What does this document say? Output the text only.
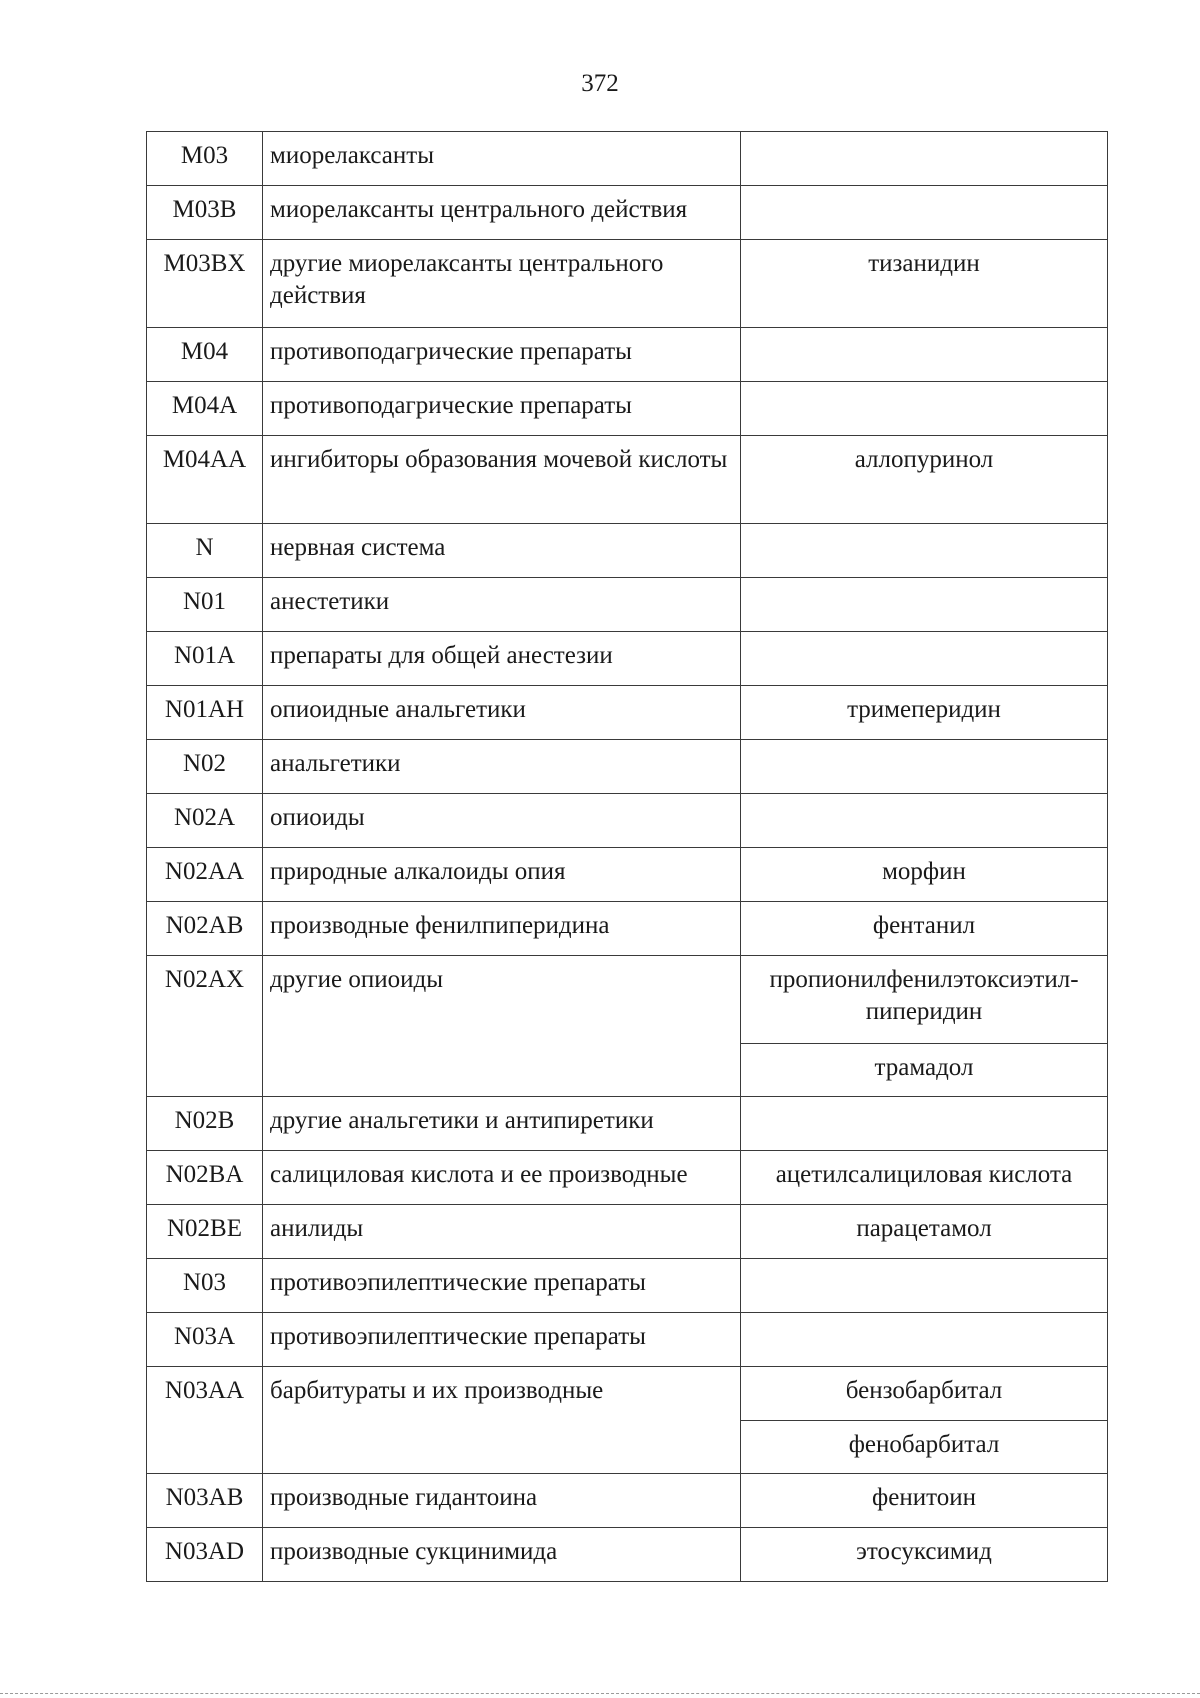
372
M03	миорелаксанты	
M03B	миорелаксанты центрального действия	
M03BX	другие миорелаксанты центрального действия	тизанидин
M04	противоподагрические препараты	
M04A	противоподагрические препараты	
M04AA	ингибиторы образования мочевой кислоты	аллопуринол
N	нервная система	
N01	анестетики	
N01A	препараты для общей анестезии	
N01AH	опиоидные анальгетики	тримеперидин
N02	анальгетики	
N02A	опиоиды	
N02AA	природные алкалоиды опия	морфин
N02AB	производные фенилпиперидина	фентанил
N02AX	другие опиоиды	пропионилфенилэтоксиэтил-пиперидин
		трамадол
N02B	другие анальгетики и антипиретики	
N02BA	салициловая кислота и ее производные	ацетилсалициловая кислота
N02BE	анилиды	парацетамол
N03	противоэпилептические препараты	
N03A	противоэпилептические препараты	
N03AA	барбитураты и их производные	бензобарбитал
		фенобарбитал
N03AB	производные гидантоина	фенитоин
N03AD	производные сукцинимида	этосуксимид
